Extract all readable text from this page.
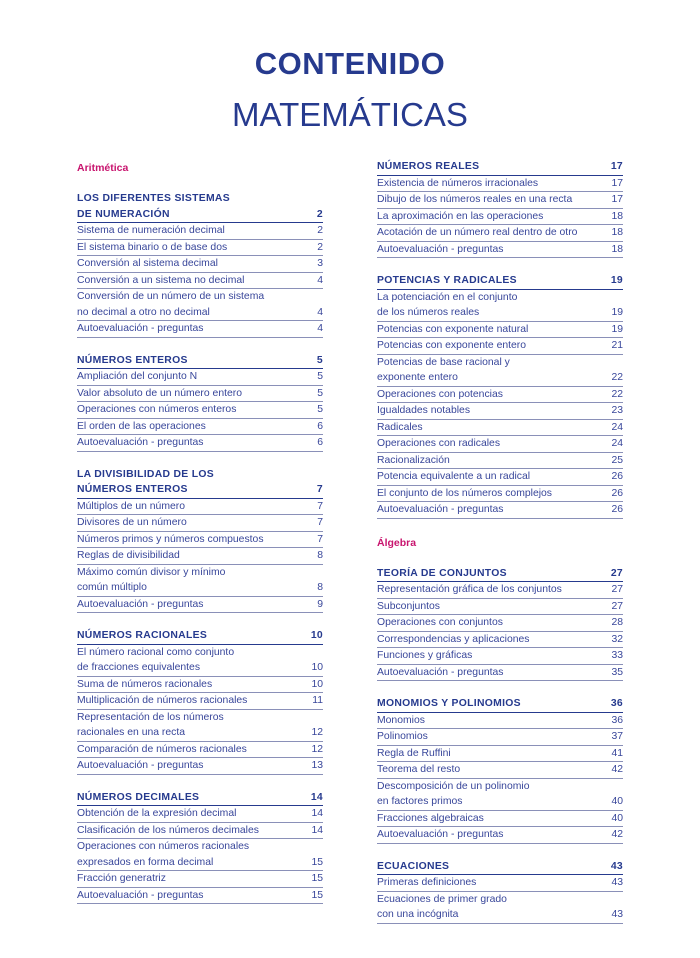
CONTENIDO
MATEMÁTICAS
Aritmética
LOS DIFERENTES SISTEMAS
DE NUMERACIÓN	2
Sistema de numeración decimal	2
El sistema binario o de base dos	2
Conversión al sistema decimal	3
Conversión a un sistema no decimal	4
Conversión de un número de un sistema
no decimal a otro no decimal	4
Autoevaluación - preguntas	4
NÚMEROS ENTEROS	5
Ampliación del conjunto N	5
Valor absoluto de un número entero	5
Operaciones con números enteros	5
El orden de las operaciones	6
Autoevaluación - preguntas	6
LA DIVISIBILIDAD DE LOS
NÚMEROS ENTEROS	7
Múltiplos de un número	7
Divisores de un número	7
Números primos y números compuestos	7
Reglas de divisibilidad	8
Máximo común divisor y mínimo
común múltiplo	8
Autoevaluación - preguntas	9
NÚMEROS RACIONALES	10
El número racional como conjunto
de fracciones equivalentes	10
Suma de números racionales	10
Multiplicación de números racionales	11
Representación de los números
racionales en una recta	12
Comparación de números racionales	12
Autoevaluación - preguntas	13
NÚMEROS DECIMALES	14
Obtención de la expresión decimal	14
Clasificación de los números decimales	14
Operaciones con números racionales
expresados en forma decimal	15
Fracción generatriz	15
Autoevaluación - preguntas	15
NÚMEROS REALES	17
Existencia de números irracionales	17
Dibujo de los números reales en una recta	17
La aproximación en las operaciones	18
Acotación de un número real dentro de otro	18
Autoevaluación - preguntas	18
POTENCIAS Y RADICALES	19
La potenciación en el conjunto
de los números reales	19
Potencias con exponente natural	19
Potencias con exponente entero	21
Potencias de base racional y
exponente entero	22
Operaciones con potencias	22
Igualdades notables	23
Radicales	24
Operaciones con radicales	24
Racionalización	25
Potencia equivalente a un radical	26
El conjunto de los números complejos	26
Autoevaluación - preguntas	26
Álgebra
TEORÍA DE CONJUNTOS	27
Representación gráfica de los conjuntos	27
Subconjuntos	27
Operaciones con conjuntos	28
Correspondencias y aplicaciones	32
Funciones y gráficas	33
Autoevaluación - preguntas	35
MONOMIOS Y POLINOMIOS	36
Monomios	36
Polinomios	37
Regla de Ruffini	41
Teorema del resto	42
Descomposición de un polinomio
en factores primos	40
Fracciones algebraicas	40
Autoevaluación - preguntas	42
ECUACIONES	43
Primeras definiciones	43
Ecuaciones de primer grado
con una incógnita	43
